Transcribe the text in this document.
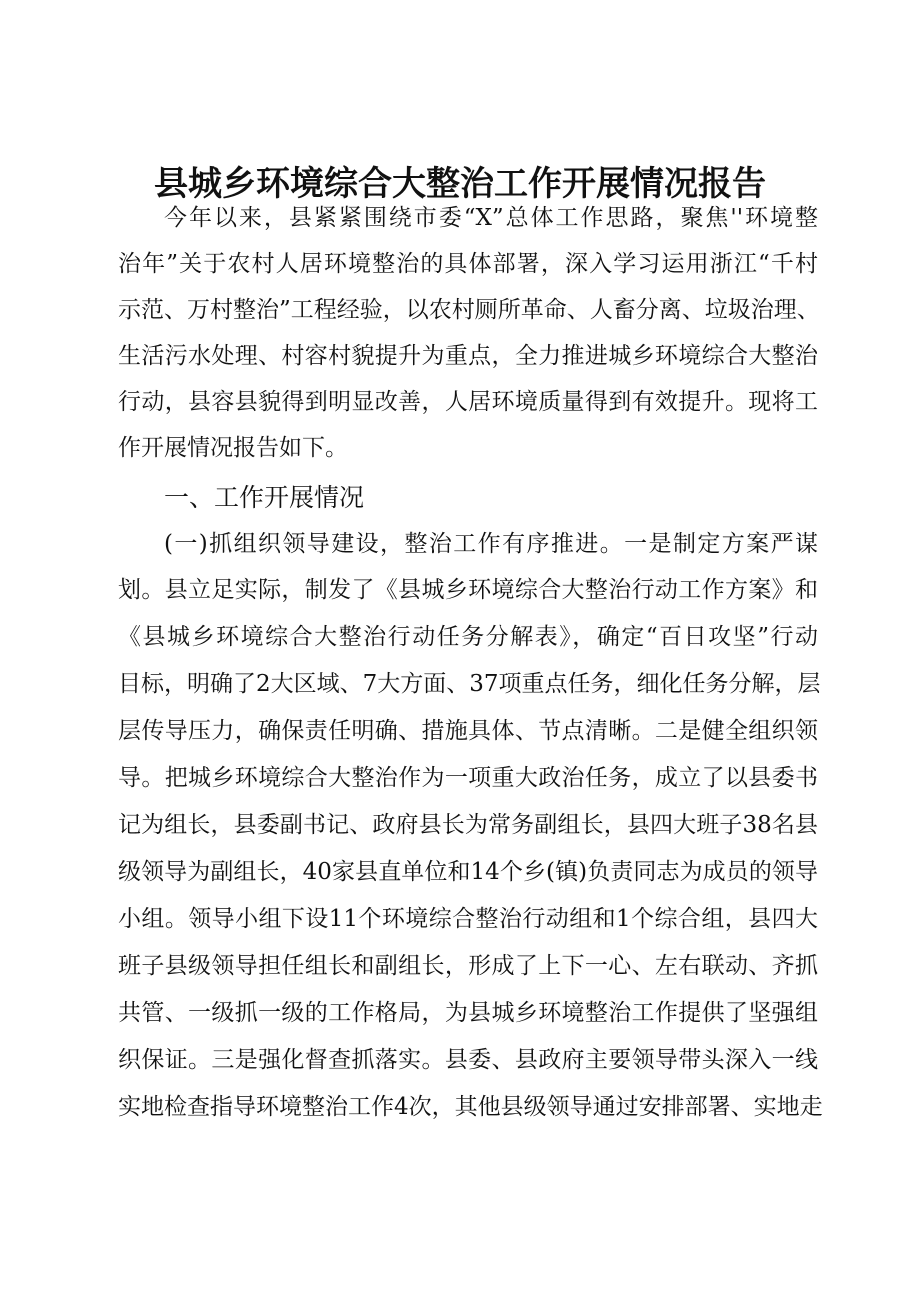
县城乡环境综合大整治工作开展情况报告
今年以来，县紧紧围绕市委“X”总体工作思路，聚焦''环境整
治年”关于农村人居环境整治的具体部署，深入学习运用浙江“千村
示范、万村整治”工程经验，以农村厕所革命、人畜分离、垃圾治理、
生活污水处理、村容村貌提升为重点，全力推进城乡环境综合大整治
行动，县容县貌得到明显改善，人居环境质量得到有效提升。现将工
作开展情况报告如下。
一、工作开展情况
(一)抓组织领导建设，整治工作有序推进。一是制定方案严谋
划。县立足实际，制发了《县城乡环境综合大整治行动工作方案》和
《县城乡环境综合大整治行动任务分解表》，确定“百日攻坚”行动
目标，明确了2大区域、7大方面、37项重点任务，细化任务分解，层
层传导压力，确保责任明确、措施具体、节点清晰。二是健全组织领
导。把城乡环境综合大整治作为一项重大政治任务，成立了以县委书
记为组长，县委副书记、政府县长为常务副组长，县四大班子38名县
级领导为副组长，40家县直单位和14个乡(镇)负责同志为成员的领导
小组。领导小组下设11个环境综合整治行动组和1个综合组，县四大
班子县级领导担任组长和副组长，形成了上下一心、左右联动、齐抓
共管、一级抓一级的工作格局，为县城乡环境整治工作提供了坚强组
织保证。三是强化督查抓落实。县委、县政府主要领导带头深入一线
实地检查指导环境整治工作4次，其他县级领导通过安排部署、实地走
